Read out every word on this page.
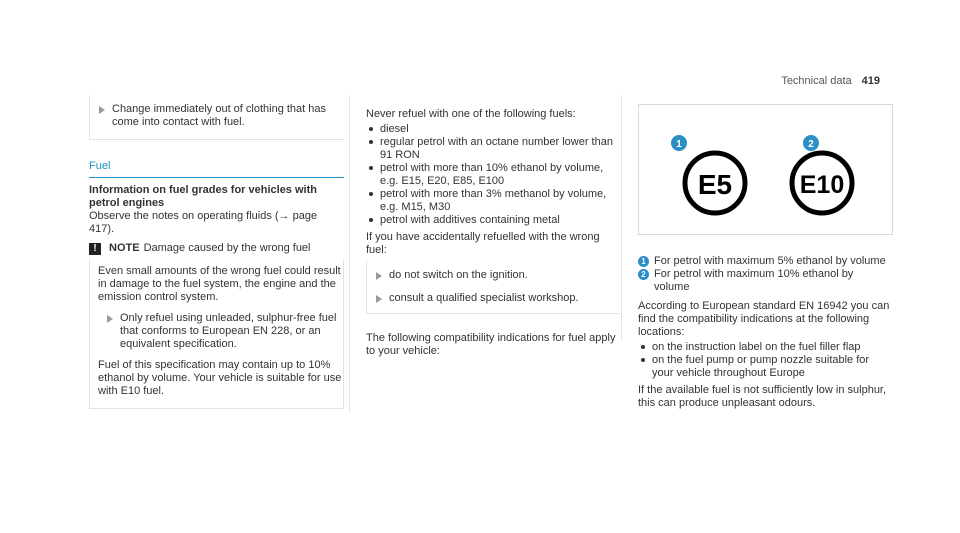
Technical data 419

Change immediately out of clothing that has come into contact with fuel.

Fuel

Information on fuel grades for vehicles with petrol engines

Observe the notes on operating fluids (→ page 417).

!	NOTE Damage caused by the wrong fuel

Even small amounts of the wrong fuel could result in damage to the fuel system, the engine and the emission control system.

Only refuel using unleaded, sulphur-free fuel that conforms to European EN 228, or an equivalent specification.

Fuel of this specification may contain up to 10% ethanol by volume. Your vehicle is suitable for use with E10 fuel.

Never refuel with one of the following fuels:

diesel
regular petrol with an octane number lower than 91 RON
petrol with more than 10% ethanol by volume, e.g. E15, E20, E85, E100
petrol with more than 3% methanol by volume, e.g. M15, M30
petrol with additives containing metal

If you have accidentally refuelled with the wrong fuel:

do not switch on the ignition.

consult a qualified specialist workshop.

The following compatibility indications for fuel apply to your vehicle:

1	2
E5	E10

1 For petrol with maximum 5% ethanol by volume

2 For petrol with maximum 10% ethanol by volume

According to European standard EN 16942 you can find the compatibility indications at the following locations:

on the instruction label on the fuel filler flap
on the fuel pump or pump nozzle suitable for your vehicle throughout Europe

If the available fuel is not sufficiently low in sulphur, this can produce unpleasant odours.
